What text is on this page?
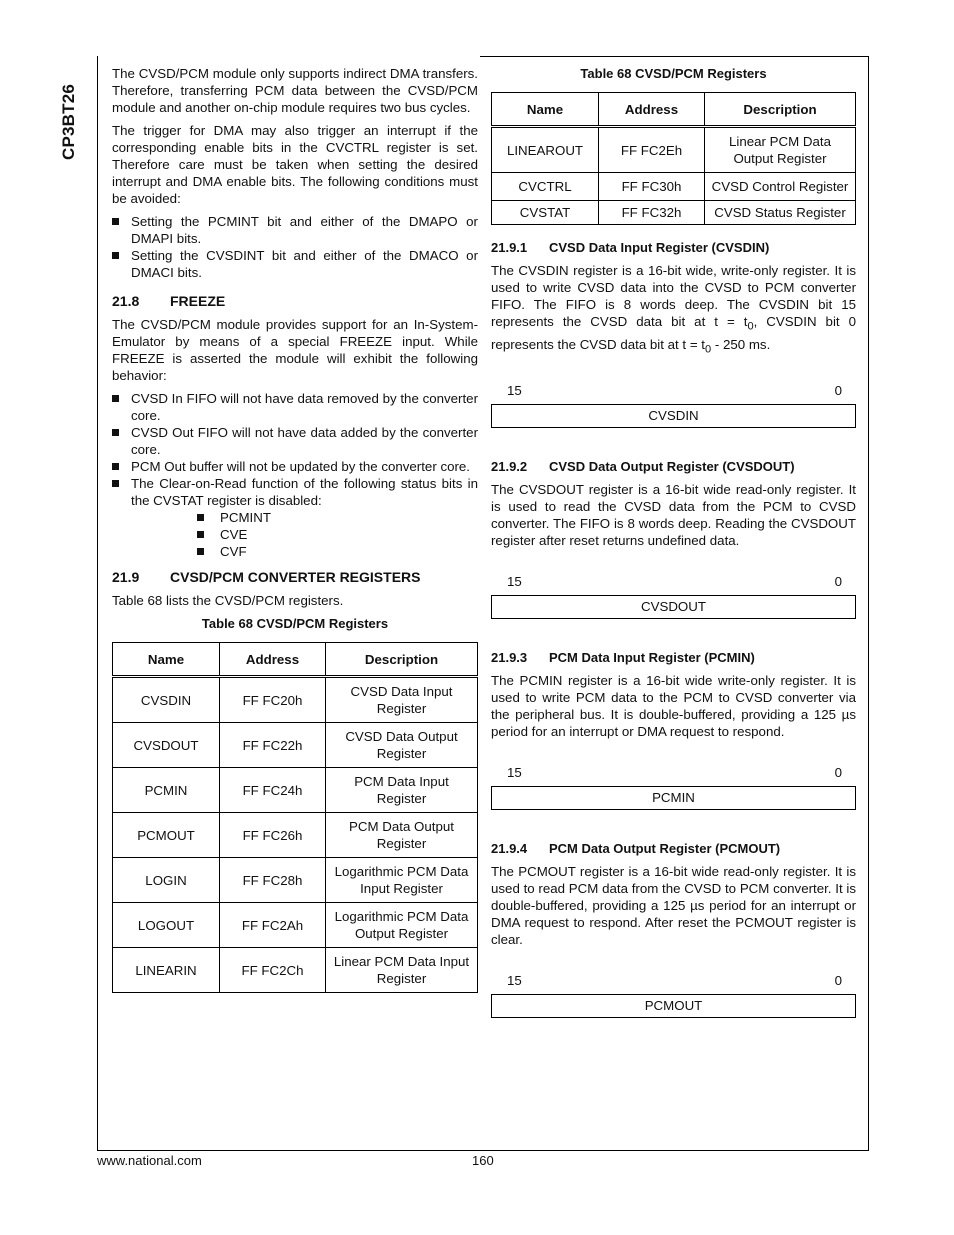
CP3BT26

The CVSD/PCM module only supports indirect DMA transfers. Therefore, transferring PCM data between the CVSD/PCM module and another on-chip module requires two bus cycles.

The trigger for DMA may also trigger an interrupt if the corresponding enable bits in the CVCTRL register is set. Therefore care must be taken when setting the desired interrupt and DMA enable bits. The following conditions must be avoided:

Setting the PCMINT bit and either of the DMAPO or DMAPI bits.
Setting the CVSDINT bit and either of the DMACO or DMACI bits.
21.8 FREEZE

The CVSD/PCM module provides support for an In-System-Emulator by means of a special FREEZE input. While FREEZE is asserted the module will exhibit the following behavior:

CVSD In FIFO will not have data removed by the converter core.
CVSD Out FIFO will not have data added by the converter core.
PCM Out buffer will not be updated by the converter core.
The Clear-on-Read function of the following status bits in the CVSTAT register is disabled:
PCMINT
CVE
CVF
21.9 CVSD/PCM CONVERTER REGISTERS

Table 68 lists the CVSD/PCM registers.

Table 68 CVSD/PCM Registers
Name	Address	Description
CVSDIN	FF FC20h	CVSD Data Input Register
CVSDOUT	FF FC22h	CVSD Data Output Register
PCMIN	FF FC24h	PCM Data Input Register
PCMOUT	FF FC26h	PCM Data Output Register
LOGIN	FF FC28h	Logarithmic PCM Data Input Register
LOGOUT	FF FC2Ah	Logarithmic PCM Data Output Register
LINEARIN	FF FC2Ch	Linear PCM Data Input Register
Table 68 CVSD/PCM Registers
Name	Address	Description
LINEAROUT	FF FC2Eh	Linear PCM Data Output Register
CVCTRL	FF FC30h	CVSD Control Register
CVSTAT	FF FC32h	CVSD Status Register
21.9.1 CVSD Data Input Register (CVSDIN)

The CVSDIN register is a 16-bit wide, write-only register. It is used to write CVSD data into the CVSD to PCM converter FIFO. The FIFO is 8 words deep. The CVSDIN bit 15 represents the CVSD data bit at $t = t_0$, CVSDIN bit 0 represents the CVSD data bit at $t = t_0 - 250$ ms.

15	0
CVSDIN
21.9.2 CVSD Data Output Register (CVSDOUT)

The CVSDOUT register is a 16-bit wide read-only register. It is used to read the CVSD data from the PCM to CVSD converter. The FIFO is 8 words deep. Reading the CVSDOUT register after reset returns undefined data.

15	0
CVSDOUT
21.9.3 PCM Data Input Register (PCMIN)

The PCMIN register is a 16-bit wide write-only register. It is used to write PCM data to the PCM to CVSD converter via the peripheral bus. It is double-buffered, providing a 125 µs period for an interrupt or DMA request to respond.

15	0
PCMIN
21.9.4 PCM Data Output Register (PCMOUT)

The PCMOUT register is a 16-bit wide read-only register. It is used to read PCM data from the CVSD to PCM converter. It is double-buffered, providing a 125 µs period for an interrupt or DMA request to respond. After reset the PCMOUT register is clear.

15	0
PCMOUT
www.national.com	160
